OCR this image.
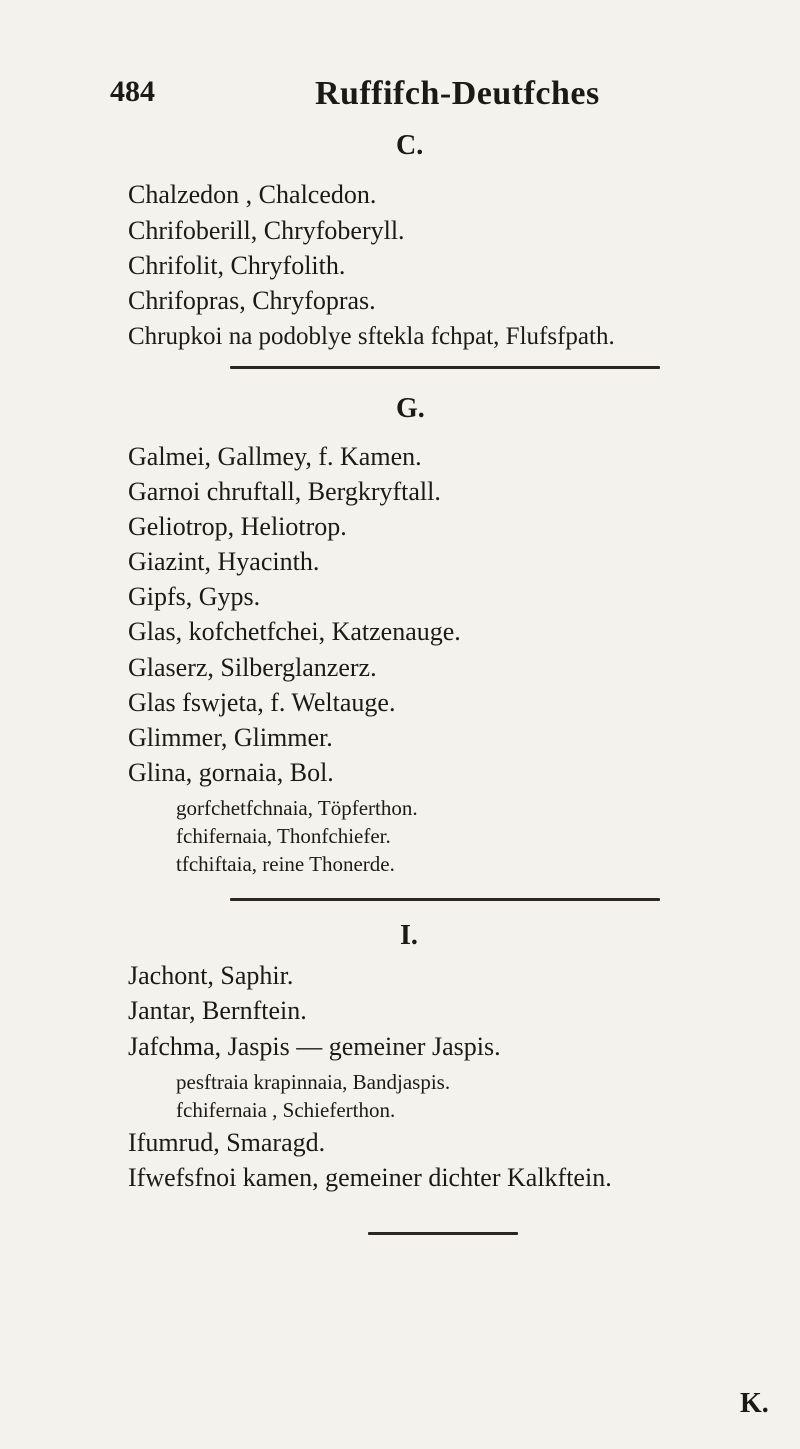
484	Ruffifch-Deutfches
C.
Chalzedon , Chalcedon.
Chrifoberill, Chryfoberyll.
Chrifolit, Chryfolith.
Chrifopras, Chryfopras.
Chrupkoi na podoblye sftekla fchpat, Flufsfpath.
G.
Galmei, Gallmey, f. Kamen.
Garnoi chruftall, Bergkryftall.
Geliotrop, Heliotrop.
Giazint, Hyacinth.
Gipfs, Gyps.
Glas, kofchetfchei, Katzenauge.
Glaserz, Silberglanzerz.
Glas fswjeta, f. Weltauge.
Glimmer, Glimmer.
Glina, gornaia, Bol.
gorfchetfchnaia, Töpferthon.
fchifernaia, Thonfchiefer.
tfchiftaia, reine Thonerde.
I.
Jachont, Saphir.
Jantar, Bernftein.
Jafchma, Jaspis — gemeiner Jaspis.
pesftraia krapinnaia, Bandjaspis.
fchifernaia , Schieferthon.
Ifumrud, Smaragd.
Ifwefsfnoi kamen, gemeiner dichter Kalkftein.
K.
